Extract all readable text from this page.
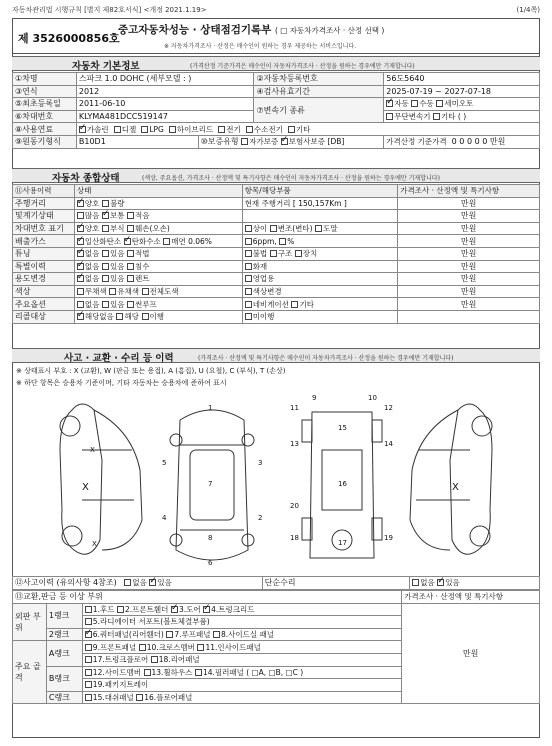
자동차관리법 시행규칙 [별지 제82호서식] <개정 2021.1.19>	(1/4쪽)
제 3526000856호
중고자동차성능 · 상태점검기록부 ( □ 자동차가격조사 · 산정 선택 )
※ 자동차가격조사 · 산정은 매수인이 원하는 경우 제공하는 서비스입니다.
자동차 기본정보	(가격산정 기준가격은 매수인이 자동차가격조사 · 산정을 원하는 경우에만 기재합니다)
①차명	스파크 1.0 DOHC (세부모델 : )		②자동차등록번호	56도5640
③연식	2012		④검사유효기간	2025-07-19 ~ 2027-07-18
⑤최초등록일	2011-06-10		⑦변속기 종류	✓자동 수동 세미오토
⑥차대번호	KLYMA481DCC519147			무단변속기 기타 ( )
⑧사용연료	✓가솔린 디젤 LPG 하이브리드 전기 수소전기 기타
⑨원동기형식	B10D1	⑩보증유형 자가보증 ✓ 보험사보증 [DB]		가격산정 기준가격 0 0 0 0 0 만원
자동차 종합상태	(색상, 주요옵션, 가격조사 · 산정액 및 특기사항은 매수인이 자동차가격조사 · 산정을 원하는 경우에만 기재합니다)
⑪사용이력	상태	항목/해당부품	가격조사 · 산정액 및 특기사항
주행거리	✓양호 불량	현재 주행거리 [ 150,157Km ]	만원
및계기상태	많음 ✓ 보통 적음		만원
차대번호 표기	✓양호 부식 훼손(오손)	상이 변조(변타) 도말	만원
배출가스	✓일산화탄소 ✓ 탄화수소 매연 0.06%	6ppm, %	만원
튜닝	✓없음 있음 적법	불법 구조 장치	만원
특별이력	✓없음 있음 침수	화재	만원
용도변경	✓없음 있음 렌트	영업용	만원
색상	무채색 유채색 전체도색	색상변경	만원
주요옵션	없음 있음 썬루프	네비게이션 기타	만원
리콜대상	✓해당없음 해당 이행	미이행	
사고 · 교환 · 수리 등 이력	(가격조사 · 산정액 및 특기사항은 매수인이 자동차가격조사 · 산정을 원하는 경우에만 기재합니다)
※ 상태표시 부호 : X (교환), W (판금 또는 용접), A (흠집), U (요철), C (부식), T (손상)
※ 하단 항목은 승용차 기준이며, 기타 자동차는 승용차에 준하여 표시
X
X
X
1
7
5	3
4	2
8
6
11	12
13	14
15
16
17
18	19
20
9	10
X
⑫사고이력 (유의사항 4참조) 없음 ✓ 있음	단순수리	없음 ✓ 있음
⑬교환,판금 등 이상 부위			가격조사 · 산정액 및 특기사항
외판 부위	1랭크	1.후드 2.프론트휀더 ✓ 3.도어 ✓ 4.트렁크리드	만원
		5.라디에이터 서포트(볼트체결부품)	
	2랭크	✓6.쿼터패널(리어휀더) 7.루프패널 8.사이드실 패널
주요 골격	A랭크	9.프론트패널 10.크로스멤버 11.인사이드패널	
		17.트렁크플로어 18.리어패널	
	B랭크	12.사이드멤버 13.휠하우스 14.필러패널 ( □A, □B, □C )	
		19.패키지트레이	
	C랭크	15.대쉬패널 16.플로어패널	
